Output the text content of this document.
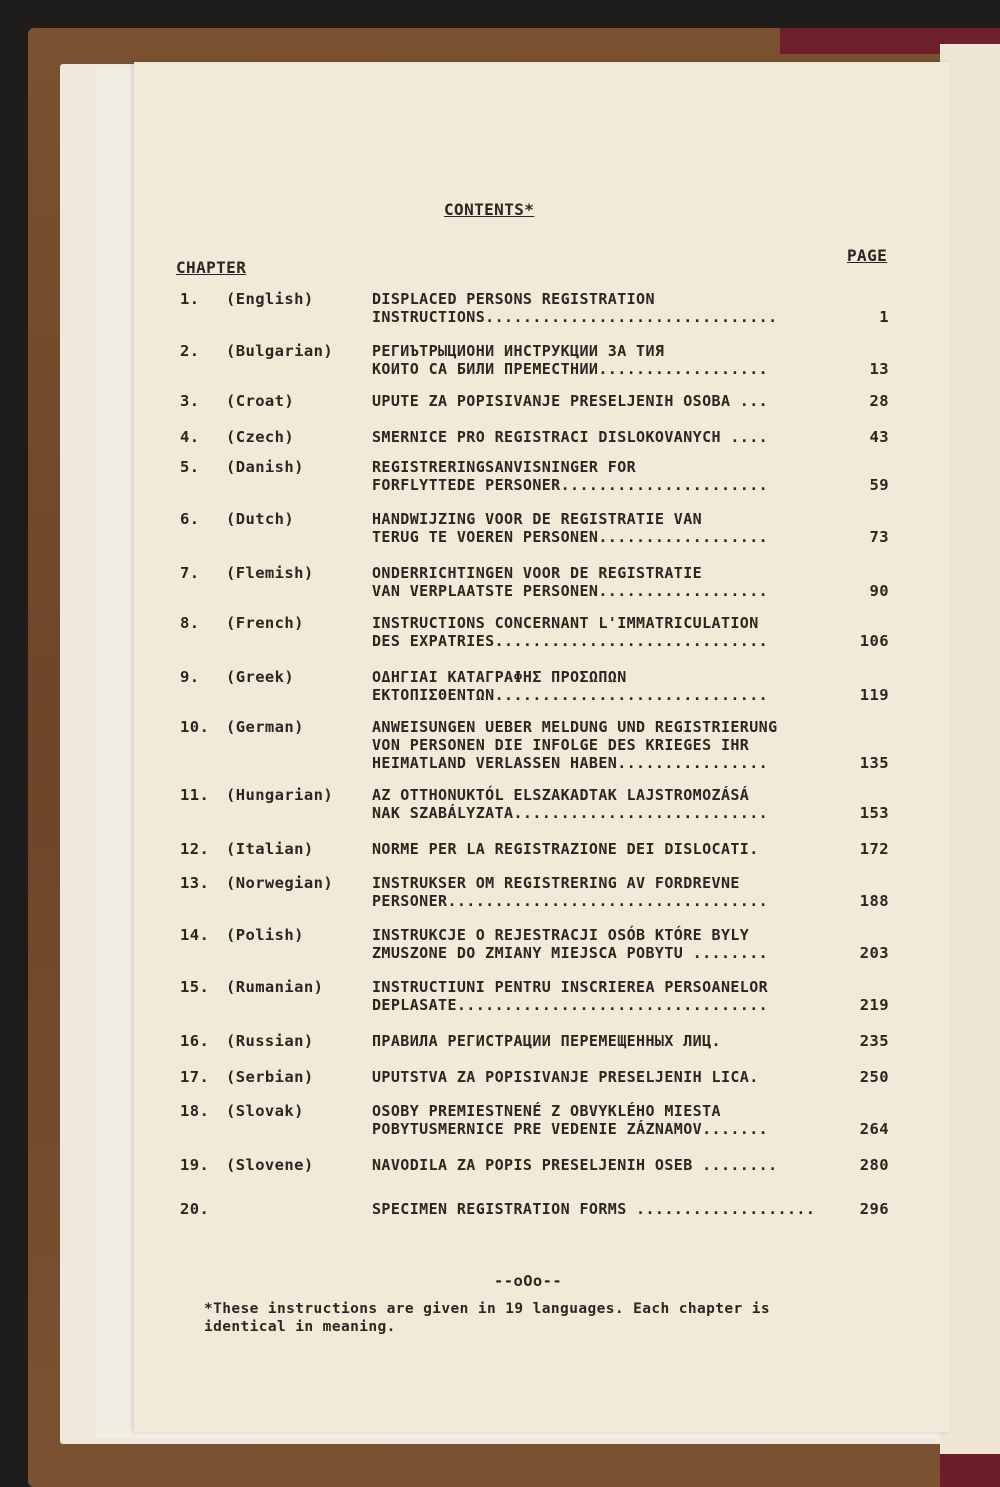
CONTENTS*
CHAPTER
PAGE
1. (English)	DISPLACED PERSONS REGISTRATION
INSTRUCTIONS...............................	1
2. (Bulgarian)	РЕГИЪТРЫЦИОНИ ИНСТРУКЦИИ ЗА ТИЯ
КОИТО СА БИЛИ ПРЕМЕСТНИИ..................	13
3. (Croat)	UPUTE ZA POPISIVANJE PRESELJENIH OSOBA ...	28
4. (Czech)	SMERNICE PRO REGISTRACI DISLOKOVANYCH ....	43
5. (Danish)	REGISTRERINGSANVISNINGER FOR
FORFLYTTEDE PERSONER......................	59
6. (Dutch)	HANDWIJZING VOOR DE REGISTRATIE VAN
TERUG TE VOEREN PERSONEN..................	73
7. (Flemish)	ONDERRICHTINGEN VOOR DE REGISTRATIE
VAN VERPLAATSTE PERSONEN..................	90
8. (French)	INSTRUCTIONS CONCERNANT L'IMMATRICULATION
DES EXPATRIES.............................	106
9. (Greek)	ΟΔΗΓΙΑΙ ΚΑΤΑΓΡΑΦΗΣ ΠΡΟΣΩΠΩΝ
ΕΚΤΟΠΙΣΘΕΝΤΩΝ.............................	119
10. (German)	ANWEISUNGEN UEBER MELDUNG UND REGISTRIERUNG
VON PERSONEN DIE INFOLGE DES KRIEGES IHR
HEIMATLAND VERLASSEN HABEN................	135
11. (Hungarian)	AZ OTTHONUKTÓL ELSZAKADTAK LAJSTROMOZÁSÁ
NAK SZABÁLYZATA...........................	153
12. (Italian)	NORME PER LA REGISTRAZIONE DEI DISLOCATI.	172
13. (Norwegian)	INSTRUKSER OM REGISTRERING AV FORDREVNE
PERSONER..................................	188
14. (Polish)	INSTRUKCJE O REJESTRACJI OSÓB KTÓRE BYLY
ZMUSZONE DO ZMIANY MIEJSCA POBYTU ........	203
15. (Rumanian)	INSTRUCTIUNI PENTRU INSCRIEREA PERSOANELOR
DEPLASATE.................................	219
16. (Russian)	ПРАВИЛА РЕГИСТРАЦИИ ПЕРЕМЕЩЕННЫХ ЛИЦ.	235
17. (Serbian)	UPUTSTVA ZA POPISIVANJE PRESELJENIH LICA.	250
18. (Slovak)	OSOBY PREMIESTNENÉ Z OBVYKLÉHO MIESTA
POBYTUSMERNICE PRE VEDENIE ZÁZNAMOV.......	264
19. (Slovene)	NAVODILA ZA POPIS PRESELJENIH OSEB ........	280
20.	SPECIMEN REGISTRATION FORMS ...................	296
--oOo--
*These instructions are given in 19 languages. Each chapter is identical in meaning.
